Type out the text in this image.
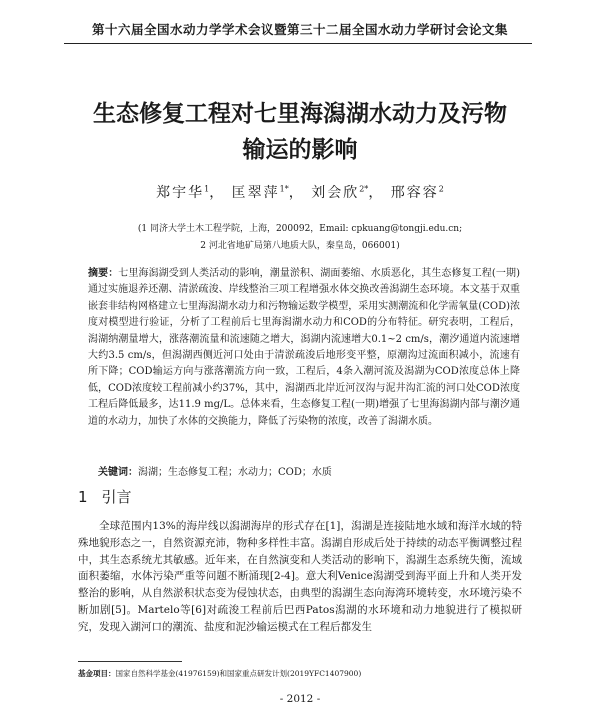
第十六届全国水动力学学术会议暨第三十二届全国水动力学研讨会论文集
生态修复工程对七里海潟湖水动力及污物
输运的影响
郑宇华$^1$， 匡翠萍$^{1*}$， 刘会欣$^{2*}$， 邢容容$^2$
(1 同济大学土木工程学院，上海，200092，Email: cpkuang@tongji.edu.cn;
2 河北省地矿局第八地质大队，秦皇岛，066001)
摘要：七里海潟湖受到人类活动的影响，潮量淤积、湖面萎缩、水质恶化，其生态修复工程(一期)通过实施退养还潮、清淤疏浚、岸线整治三项工程增强水体交换改善潟湖生态环境。本文基于双重嵌套非结构网格建立七里海潟湖水动力和污物输运数学模型，采用实测潮流和化学需氧量(COD)浓度对模型进行验证，分析了工程前后七里海潟湖水动力和COD的分布特征。研究表明，工程后，潟湖纳潮量增大，涨落潮流量和流速随之增大，潟湖内流速增大0.1~2 cm/s，潮汐通道内流速增大约3.5 cm/s，但潟湖西侧近河口处由于清淤疏浚后地形变平整，原潮沟过流面积减小，流速有所下降；COD输运方向与涨落潮流方向一致，工程后，4条入潮河流及潟湖为COD浓度总体上降低，COD浓度较工程前减小约37%，其中，潟湖西北岸近河汊沟与泥井沟汇流的河口处COD浓度工程后降低最多，达11.9 mg/L。总体来看，生态修复工程(一期)增强了七里海潟湖内部与潮汐通道的水动力，加快了水体的交换能力，降低了污染物的浓度，改善了潟湖水质。
关键词：潟湖；生态修复工程；水动力；COD；水质
1 引言

全球范围内13%的海岸线以潟湖海岸的形式存在[1]，潟湖是连接陆地水域和海洋水域的特殊地貌形态之一，自然资源充沛，物种多样性丰富。潟湖自形成后处于持续的动态平衡调整过程中，其生态系统尤其敏感。近年来，在自然演变和人类活动的影响下，潟湖生态系统失衡，流域面积萎缩，水体污染严重等问题不断涌现[2-4]。意大利Venice潟湖受到海平面上升和人类开发整治的影响，从自然淤积状态变为侵蚀状态，由典型的潟湖生态向海湾环境转变，水环境污染不断加剧[5]。Martelo等[6]对疏浚工程前后巴西Patos潟湖的水环境和动力地貌进行了模拟研究，发现入湖河口的潮流、盐度和泥沙输运模式在工程后都发生

基金项目：国家自然科学基金(41976159)和国家重点研发计划(2019YFC1407900)
- 2012 -
